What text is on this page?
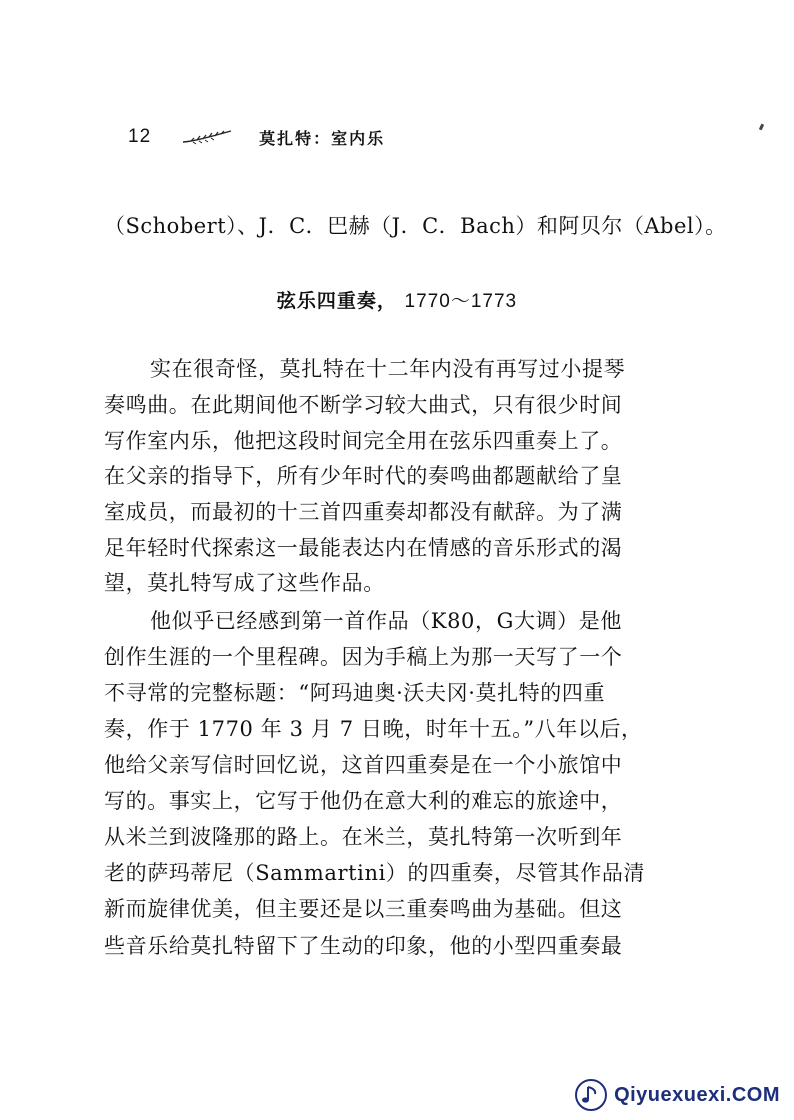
12	莫扎特：室内乐
（Schobert）、J．C．巴赫（J．C．Bach）和阿贝尔（Abel）。
弦乐四重奏， 1770～1773
实在很奇怪，莫扎特在十二年内没有再写过小提琴
奏鸣曲。在此期间他不断学习较大曲式，只有很少时间
写作室内乐，他把这段时间完全用在弦乐四重奏上了。
在父亲的指导下，所有少年时代的奏鸣曲都题献给了皇
室成员，而最初的十三首四重奏却都没有献辞。为了满
足年轻时代探索这一最能表达内在情感的音乐形式的渴
望，莫扎特写成了这些作品。
他似乎已经感到第一首作品（K80，G大调）是他
创作生涯的一个里程碑。因为手稿上为那一天写了一个
不寻常的完整标题：“阿玛迪奥·沃夫冈·莫扎特的四重
奏，作于 1770 年 3 月 7 日晚，时年十五。”八年以后，
他给父亲写信时回忆说，这首四重奏是在一个小旅馆中
写的。事实上，它写于他仍在意大利的难忘的旅途中，
从米兰到波隆那的路上。在米兰，莫扎特第一次听到年
老的萨玛蒂尼（Sammartini）的四重奏，尽管其作品清
新而旋律优美，但主要还是以三重奏鸣曲为基础。但这
些音乐给莫扎特留下了生动的印象，他的小型四重奏最
Qiyuexuexi.COM
